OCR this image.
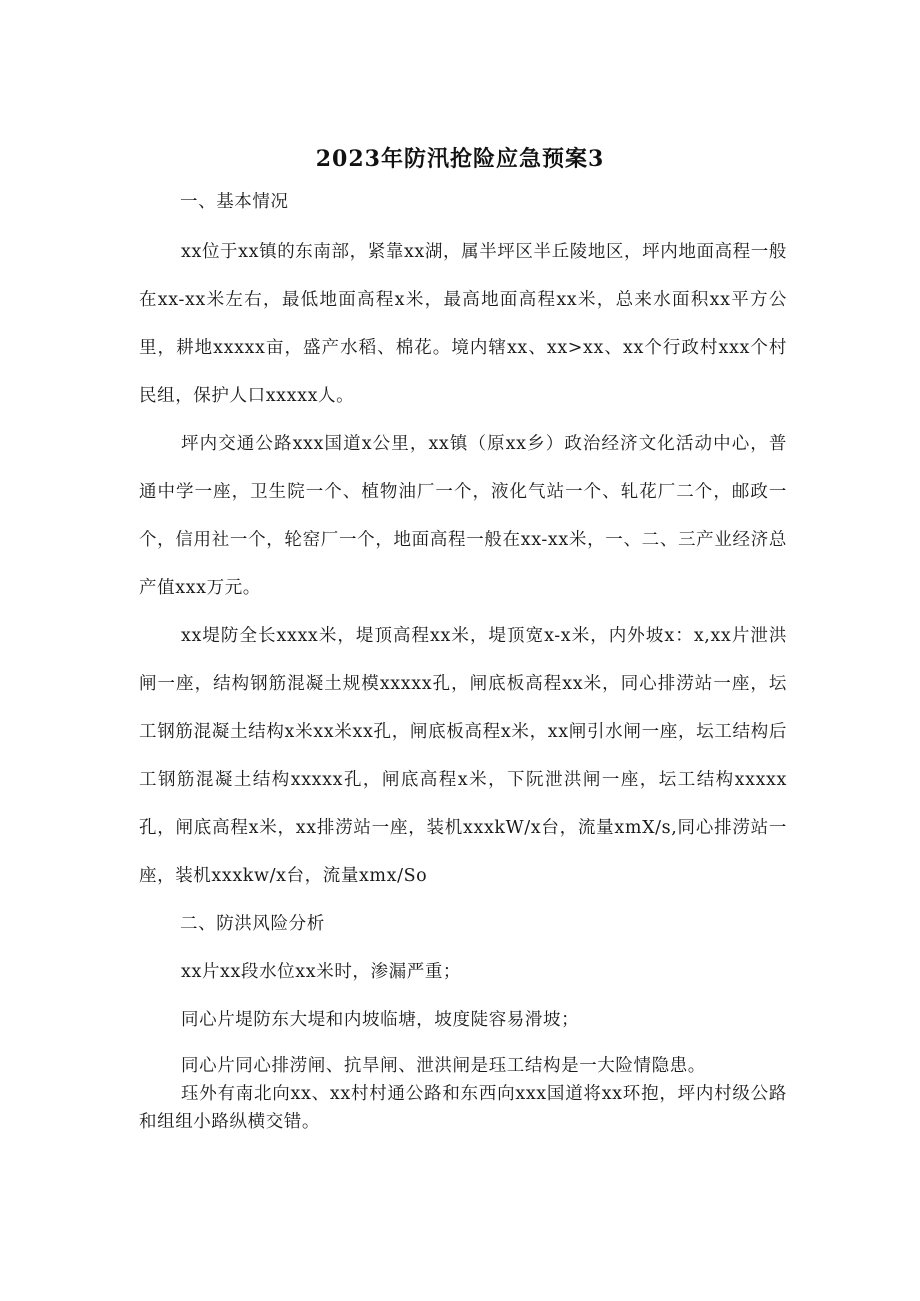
2023年防汛抢险应急预案3

一、基本情况

xx位于xx镇的东南部，紧靠xx湖，属半坪区半丘陵地区，坪内地面高程一般在xx-xx米左右，最低地面高程x米，最高地面高程xx米，总来水面积xx平方公里，耕地xxxxx亩，盛产水稻、棉花。境内辖xx、xx>xx、xx个行政村xxx个村民组，保护人口xxxxx人。

坪内交通公路xxx国道x公里，xx镇（原xx乡）政治经济文化活动中心，普通中学一座，卫生院一个、植物油厂一个，液化气站一个、轧花厂二个，邮政一个，信用社一个，轮窑厂一个，地面高程一般在xx-xx米，一、二、三产业经济总产值xxx万元。

xx堤防全长xxxx米，堤顶高程xx米，堤顶宽x-x米，内外坡x：x,xx片泄洪闸一座，结构钢筋混凝土规模xxxxx孔，闸底板高程xx米，同心排涝站一座，坛工钢筋混凝土结构x米xx米xx孔，闸底板高程x米，xx闸引水闸一座，坛工结构后工钢筋混凝土结构xxxxx孔，闸底高程x米，下阮泄洪闸一座，坛工结构xxxxx孔，闸底高程x米，xx排涝站一座，装机xxxkW/x台，流量xmX/s,同心排涝站一座，装机xxxkw/x台，流量xmx/So

二、防洪风险分析

xx片xx段水位xx米时，渗漏严重；

同心片堤防东大堤和内坡临塘，坡度陡容易滑坡；

同心片同心排涝闸、抗旱闸、泄洪闸是珏工结构是一大险情隐患。

珏外有南北向xx、xx村村通公路和东西向xxx国道将xx环抱，坪内村级公路和组组小路纵横交错。
